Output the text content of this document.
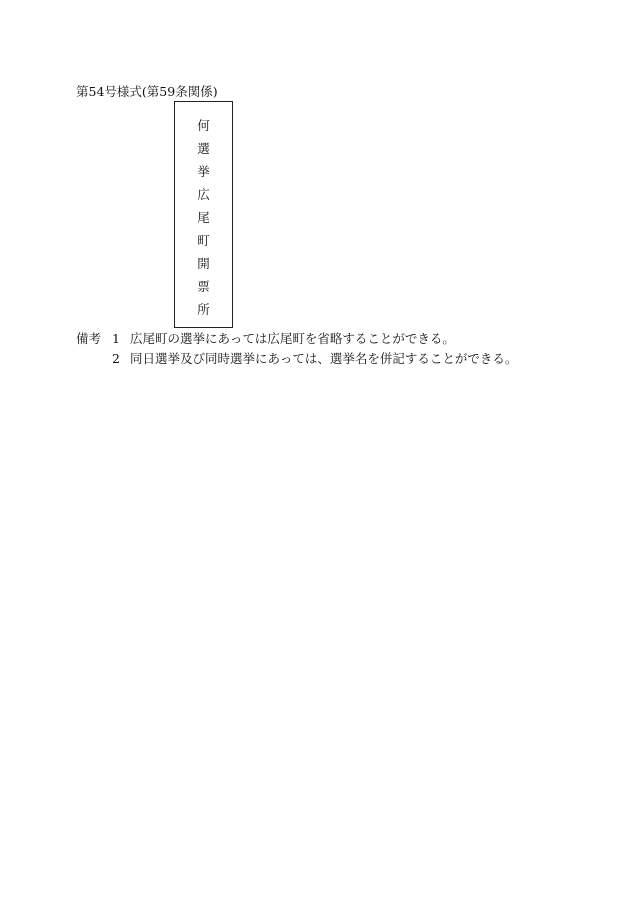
第54号様式(第59条関係)
何
選
挙
広
尾
町
開
票
所
備考 1 広尾町の選挙にあっては広尾町を省略することができる。
2 同日選挙及び同時選挙にあっては、選挙名を併記することができる。
